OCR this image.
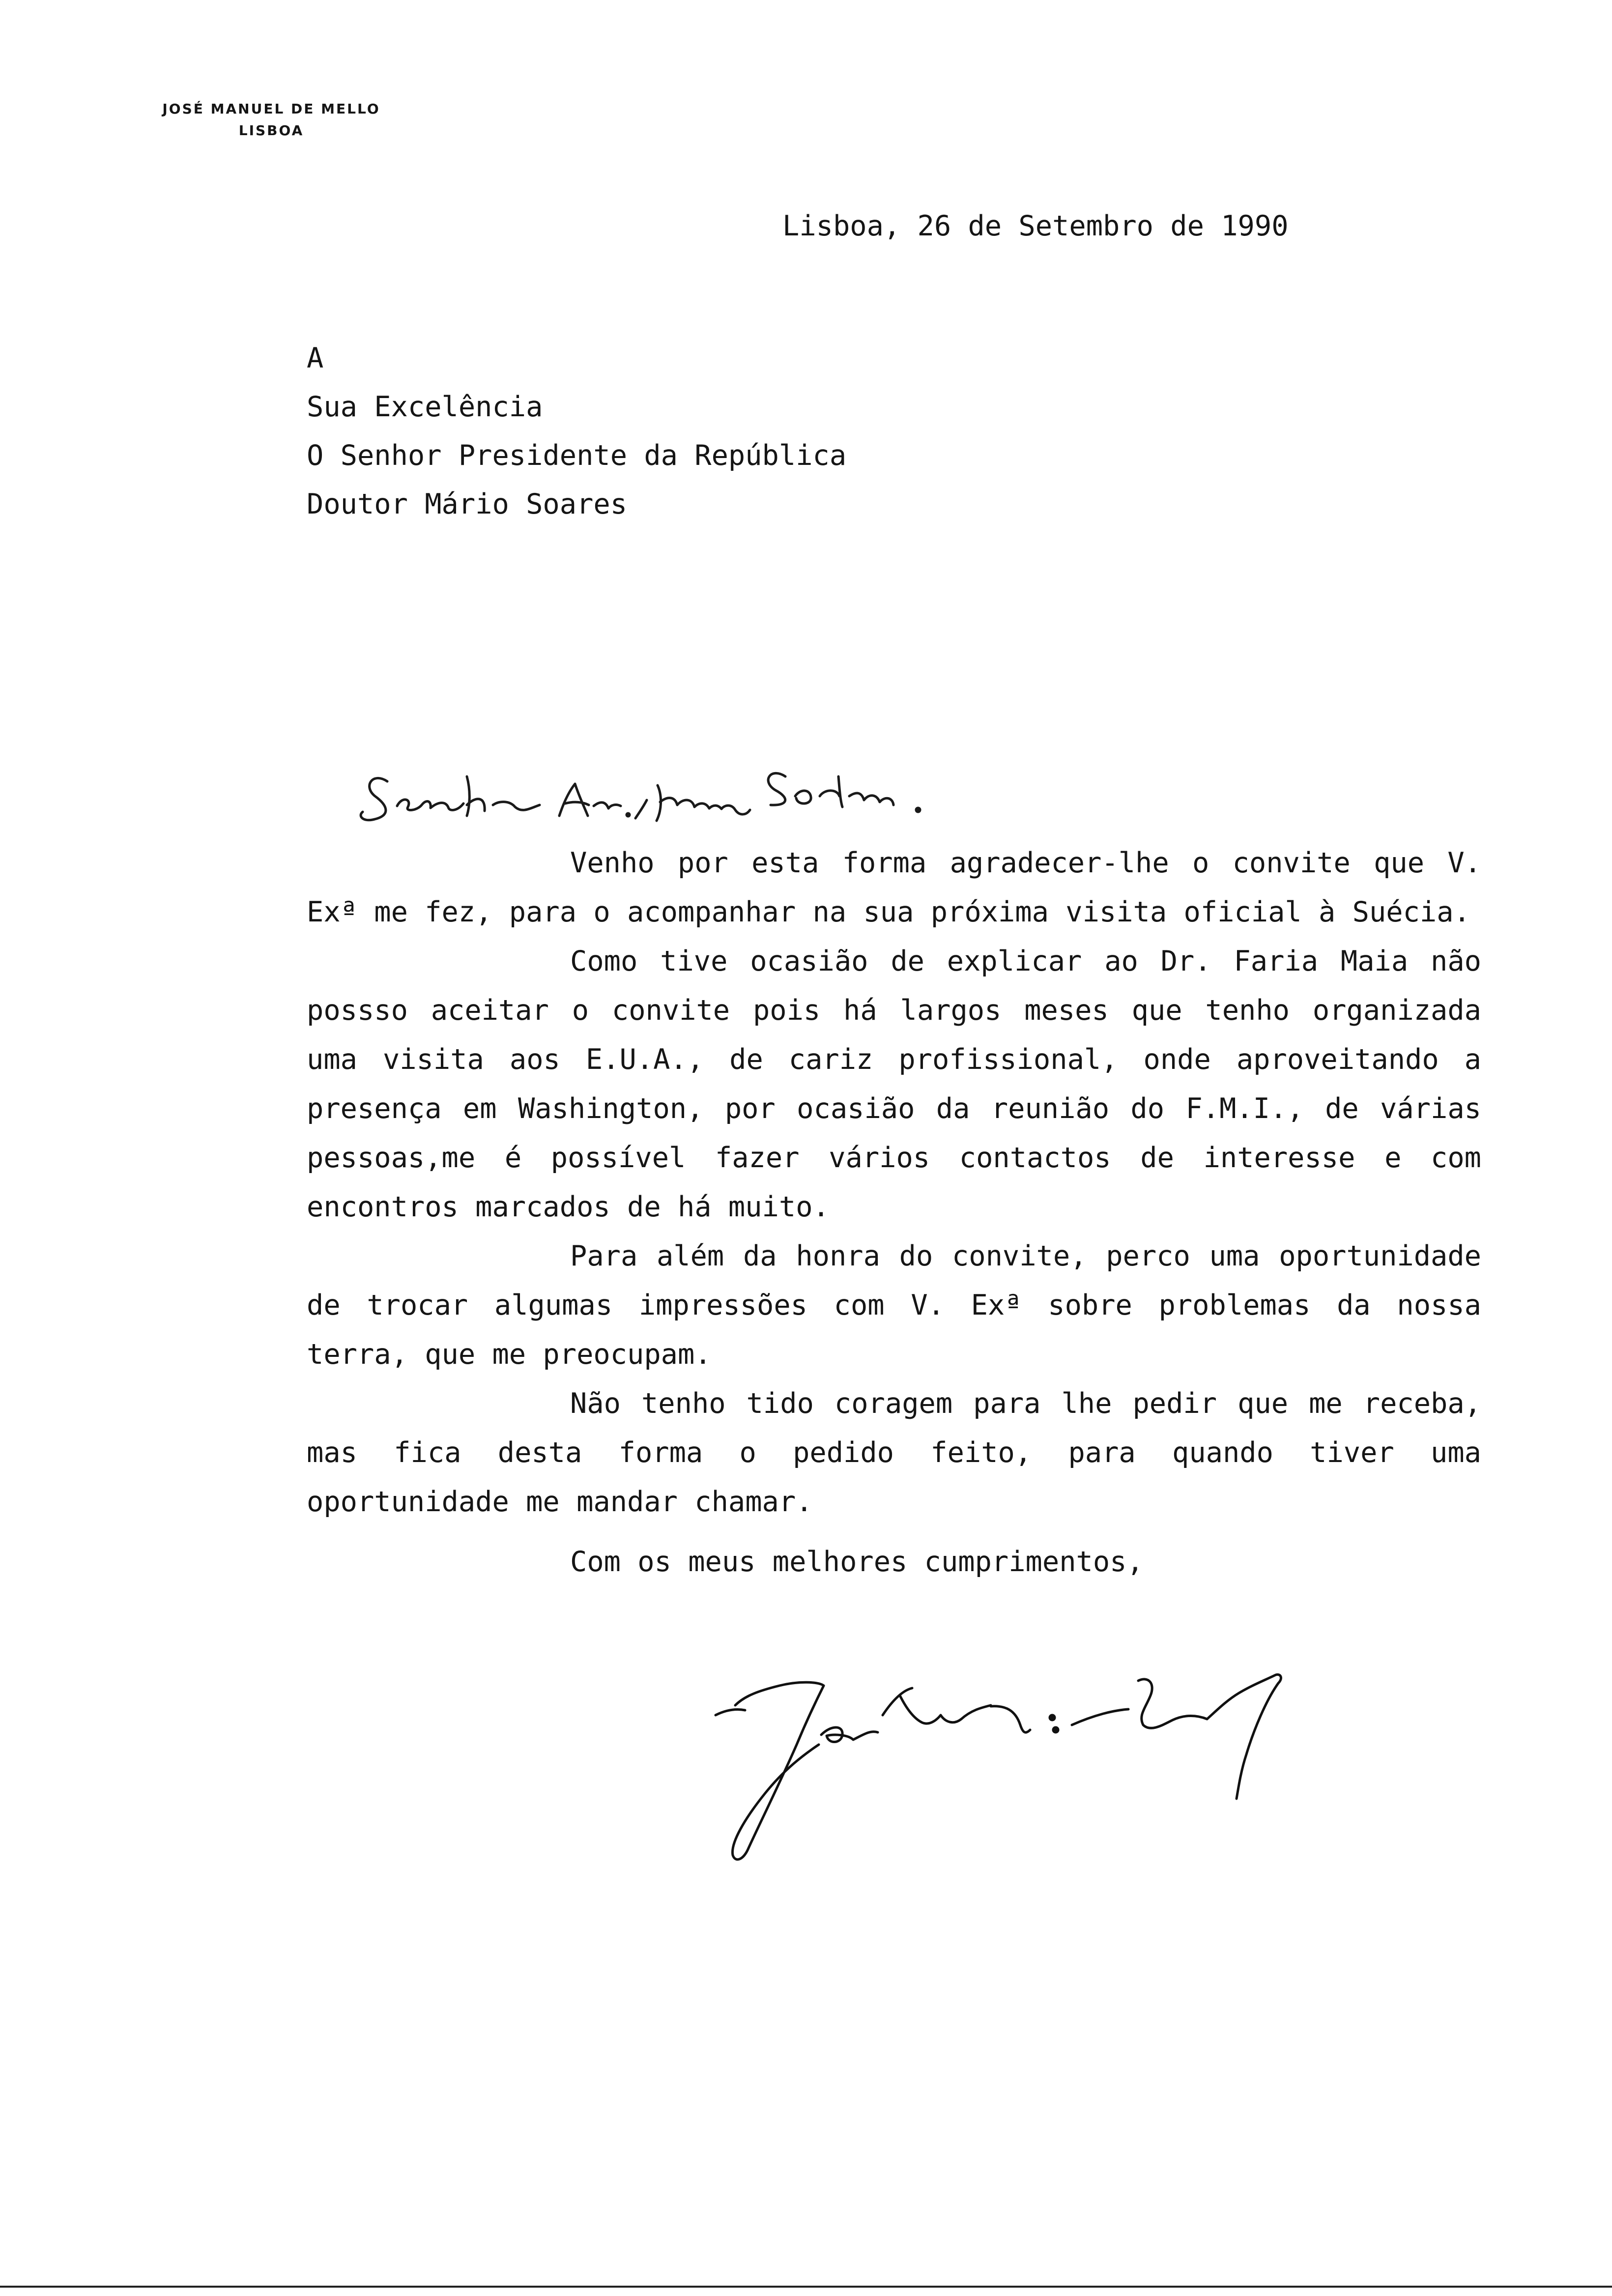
JOSÉ MANUEL DE MELLO
LISBOA
Lisboa, 26 de Setembro de 1990
A
Sua Excelência
O Senhor Presidente da República
Doutor Mário Soares

Venho por esta forma agradecer-lhe o convite que V. Exª me fez, para o acompanhar na sua próxima visita oficial à Suécia.

Como tive ocasião de explicar ao Dr. Faria Maia não possso aceitar o convite pois há largos meses que tenho organizada uma visita aos E.U.A., de cariz profissional, onde aproveitando a presença em Washington, por ocasião da reunião do F.M.I., de várias pessoas,me é possível fazer vários contactos de interesse e com encontros marcados de há muito.

Para além da honra do convite, perco uma oportunidade de trocar algumas impressões com V. Exª sobre problemas da nossa terra, que me preocupam.

Não tenho tido coragem para lhe pedir que me receba, mas fica desta forma o pedido feito, para quando tiver uma oportunidade me mandar chamar.

Com os meus melhores cumprimentos,
